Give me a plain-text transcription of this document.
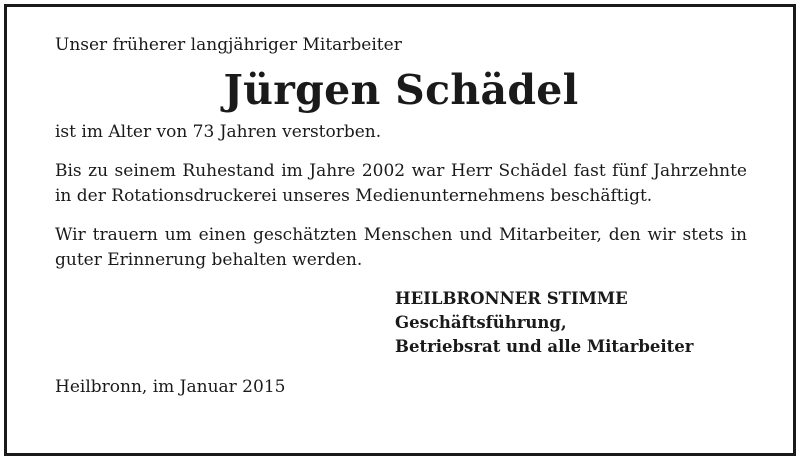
Unser früherer langjähriger Mitarbeiter

Jürgen Schädel

ist im Alter von 73 Jahren verstorben.

Bis zu seinem Ruhestand im Jahre 2002 war Herr Schädel fast fünf Jahrzehnte in der Rotationsdruckerei unseres Medienunternehmens beschäftigt.

Wir trauern um einen geschätzten Menschen und Mitarbeiter, den wir stets in guter Erinnerung behalten werden.

HEILBRONNER STIMME
Geschäftsführung,
Betriebsrat und alle Mitarbeiter

Heilbronn, im Januar 2015
